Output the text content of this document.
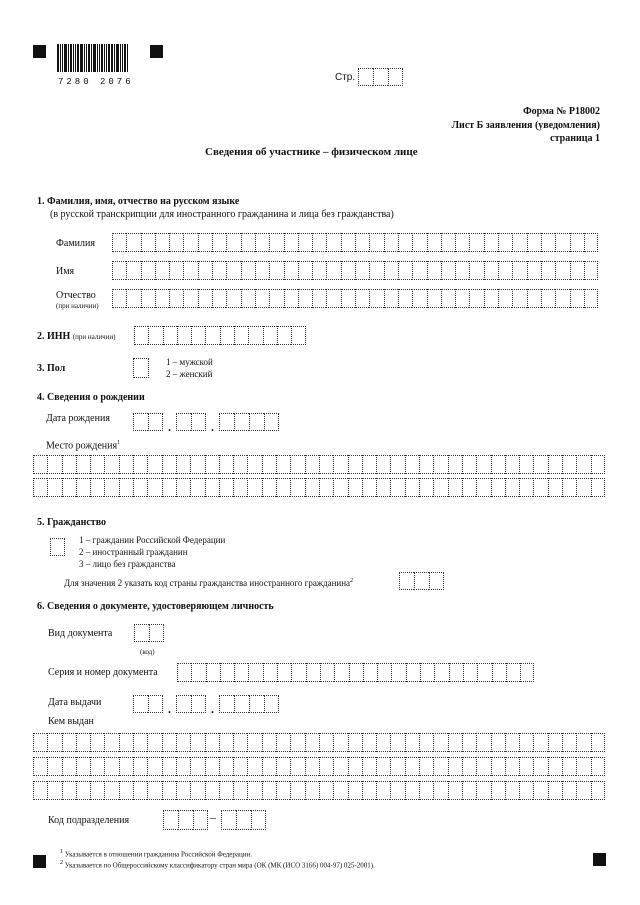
7280 2076	Стр.
Форма № Р18002
Лист Б заявления (уведомления)
страница 1
Сведения об участнике – физическом лице
1. Фамилия, имя, отчество на русском языке
(в русской транскрипции для иностранного гражданина и лица без гражданства)
Фамилия
Имя
Отчество
(при наличии)
2. ИНН (при наличии)
3. Пол
1 – мужской
2 – женский
4. Сведения о рождении
Дата рождения
.	.
Место рождения$^1$
5. Гражданство
1 – гражданин Российской Федерации
2 – иностранный гражданин
3 – лицо без гражданства
Для значения 2 указать код страны гражданства иностранного гражданина$^2$
6. Сведения о документе, удостоверяющем личность
Вид документа
(код)
Серия и номер документа
Дата выдачи	.	.
Кем выдан
Код подразделения	–
$^1$ Указывается в отношении гражданина Российской Федерации.
$^2$ Указывается по Общероссийскому классификатору стран мира (ОК (МК (ИСО 3166) 004-97) 025-2001).
